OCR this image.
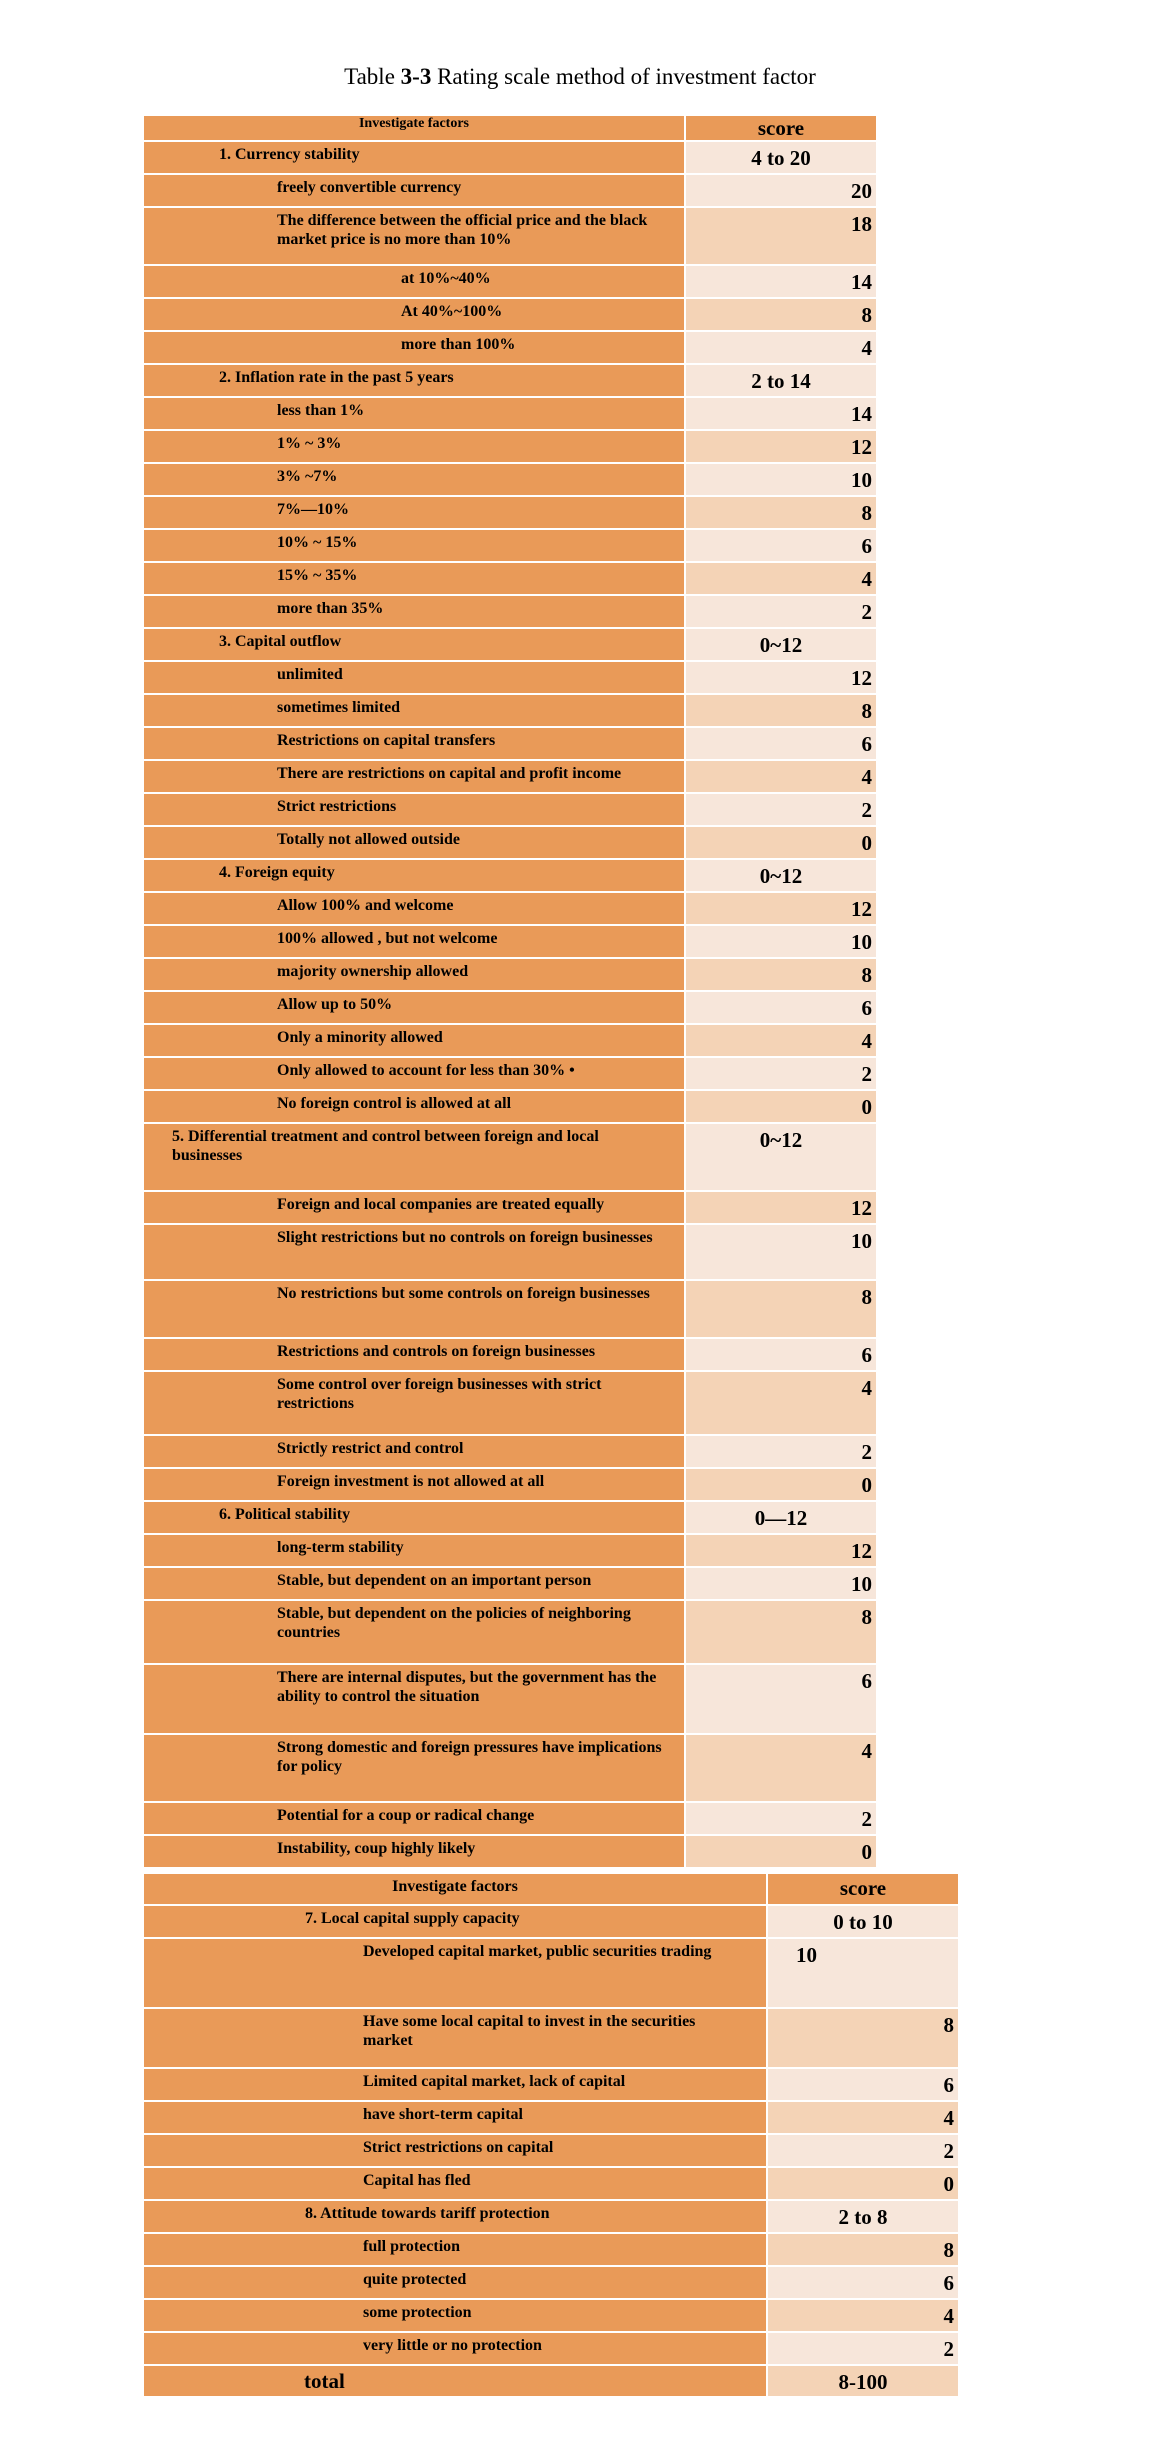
Table 3-3 Rating scale method of investment factor
Investigate factors	score

1. Currency stability	4 to 20

freely convertible currency	20

The difference between the official price and the black market price is no more than 10%	18

at 10%~40%	14

At 40%~100%	8

more than 100%	4

2. Inflation rate in the past 5 years	2 to 14

less than 1%	14

1% ~ 3%	12

3% ~7%	10

7%—10%	8

10% ~ 15%	6

15% ~ 35%	4

more than 35%	2

3. Capital outflow	0~12

unlimited	12

sometimes limited	8

Restrictions on capital transfers	6

There are restrictions on capital and profit income	4

Strict restrictions	2

Totally not allowed outside	0

4. Foreign equity	0~12

Allow 100% and welcome	12

100% allowed , but not welcome	10

majority ownership allowed	8

Allow up to 50%	6

Only a minority allowed	4

Only allowed to account for less than 30% •	2

No foreign control is allowed at all	0

5. Differential treatment and control between foreign and local businesses	0~12

Foreign and local companies are treated equally	12

Slight restrictions but no controls on foreign businesses	10

No restrictions but some controls on foreign businesses	8

Restrictions and controls on foreign businesses	6

Some control over foreign businesses with strict restrictions	4

Strictly restrict and control	2

Foreign investment is not allowed at all	0

6. Political stability	0—12

long-term stability	12

Stable, but dependent on an important person	10

Stable, but dependent on the policies of neighboring countries	8

There are internal disputes, but the government has the ability to control the situation	6

Strong domestic and foreign pressures have implications for policy	4

Potential for a coup or radical change	2

Instability, coup highly likely	0
Investigate factors	score

7. Local capital supply capacity	0 to 10

Developed capital market, public securities trading	10

Have some local capital to invest in the securities market	8

Limited capital market, lack of capital	6

have short-term capital	4

Strict restrictions on capital	2

Capital has fled	0

8. Attitude towards tariff protection	2 to 8

full protection	8

quite protected	6

some protection	4

very little or no protection	2

total	8-100
